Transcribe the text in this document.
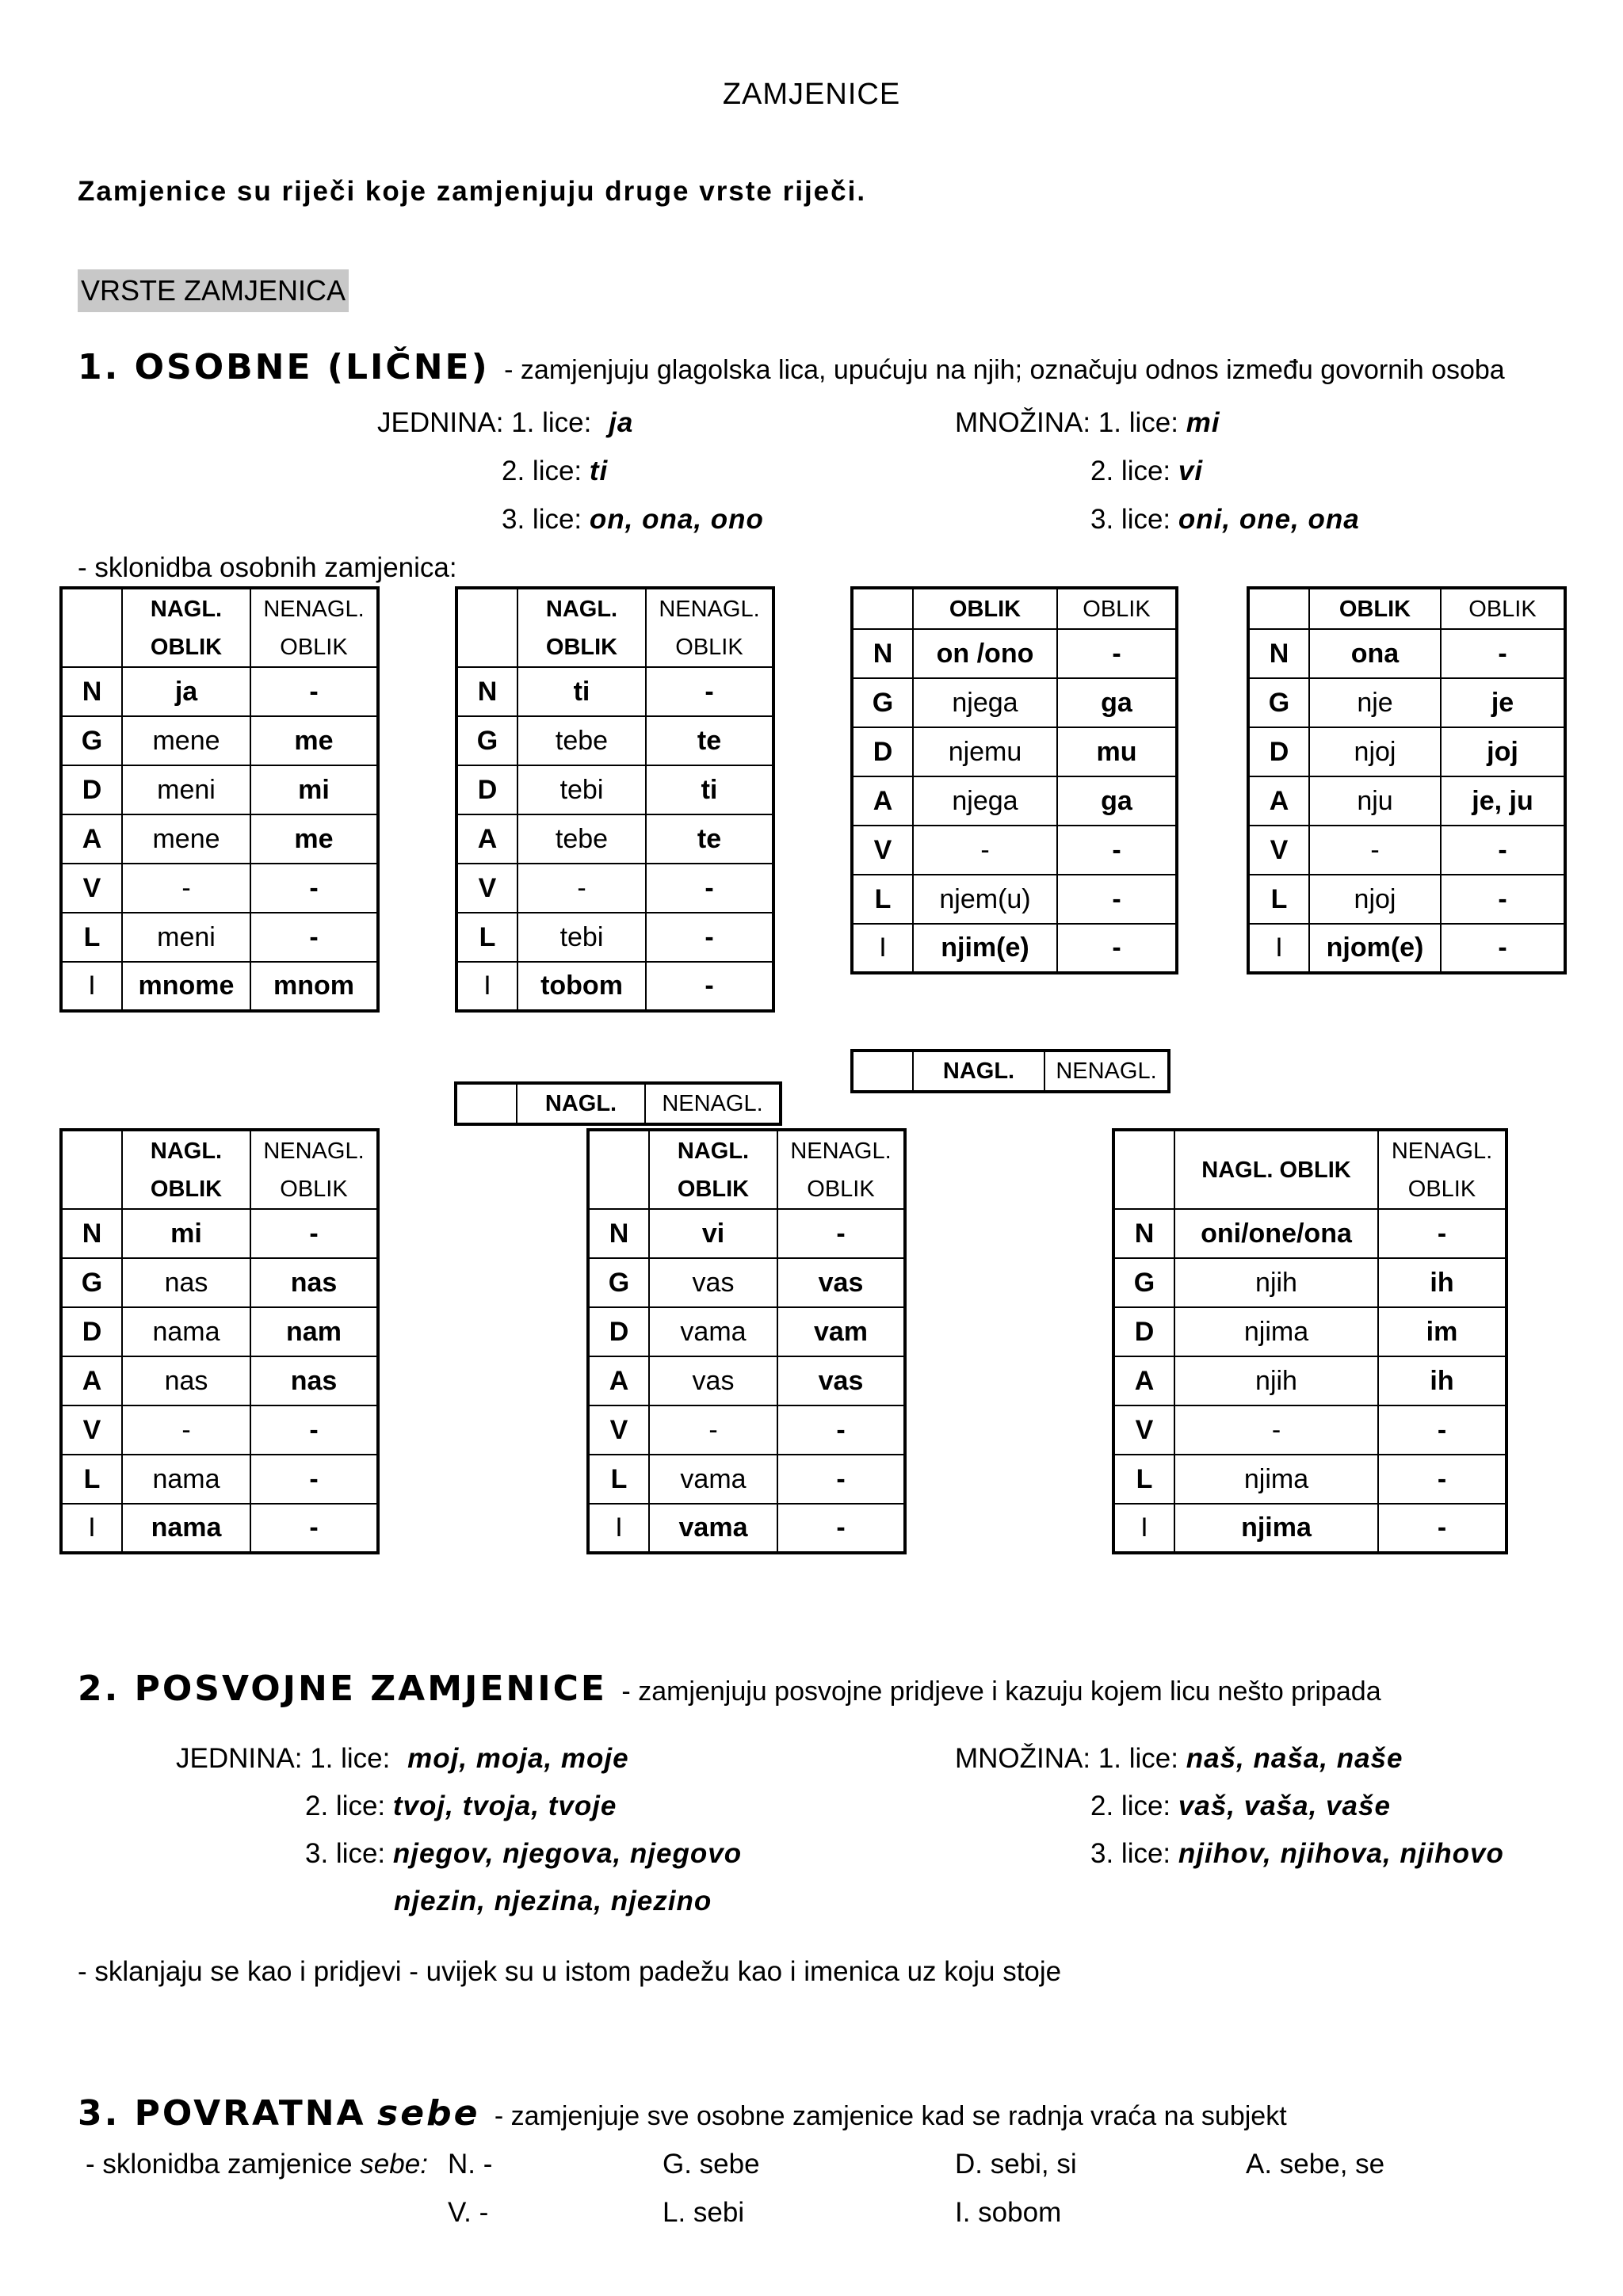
ZAMJENICE
Zamjenice su riječi koje zamjenjuju druge vrste riječi.
VRSTE ZAMJENICA
1. OSOBNE (LIČNE) - zamjenjuju glagolska lica, upućuju na njih; označuju odnos između govornih osoba
JEDNINA: 1. lice: ja
2. lice: ti
3. lice: on, ona, ono
MNOŽINA: 1. lice: mi
2. lice: vi
3. lice: oni, one, ona
- sklonidba osobnih zamjenica:
	NAGL.
OBLIK	NENAGL.
OBLIK
N	ja	-
G	mene	me
D	meni	mi
A	mene	me
V	-	-
L	meni	-
I	mnome	mnom
	NAGL.
OBLIK	NENAGL.
OBLIK
N	ti	-
G	tebe	te
D	tebi	ti
A	tebe	te
V	-	-
L	tebi	-
I	tobom	-
	OBLIK	OBLIK
N	on /ono	-
G	njega	ga
D	njemu	mu
A	njega	ga
V	-	-
L	njem(u)	-
I	njim(e)	-
	OBLIK	OBLIK
N	ona	-
G	nje	je
D	njoj	joj
A	nju	je, ju
V	-	-
L	njoj	-
I	njom(e)	-
	NAGL.	NENAGL.
	NAGL.	NENAGL.
	NAGL.
OBLIK	NENAGL.
OBLIK
N	mi	-
G	nas	nas
D	nama	nam
A	nas	nas
V	-	-
L	nama	-
I	nama	-
	NAGL.
OBLIK	NENAGL.
OBLIK
N	vi	-
G	vas	vas
D	vama	vam
A	vas	vas
V	-	-
L	vama	-
I	vama	-
	NAGL. OBLIK	NENAGL.
OBLIK
N	oni/one/ona	-
G	njih	ih
D	njima	im
A	njih	ih
V	-	-
L	njima	-
I	njima	-
2. POSVOJNE ZAMJENICE - zamjenjuju posvojne pridjeve i kazuju kojem licu nešto pripada
JEDNINA: 1. lice: moj, moja, moje
2. lice: tvoj, tvoja, tvoje
3. lice: njegov, njegova, njegovo
njezin, njezina, njezino
MNOŽINA: 1. lice: naš, naša, naše
2. lice: vaš, vaša, vaše
3. lice: njihov, njihova, njihovo
- sklanjaju se kao i pridjevi - uvijek su u istom padežu kao i imenica uz koju stoje
3. POVRATNA sebe - zamjenjuje sve osobne zamjenice kad se radnja vraća na subjekt
- sklonidba zamjenice sebe: N. -	G. sebe	D. sebi, si	A. sebe, se
V. -	L. sebi	I. sobom
